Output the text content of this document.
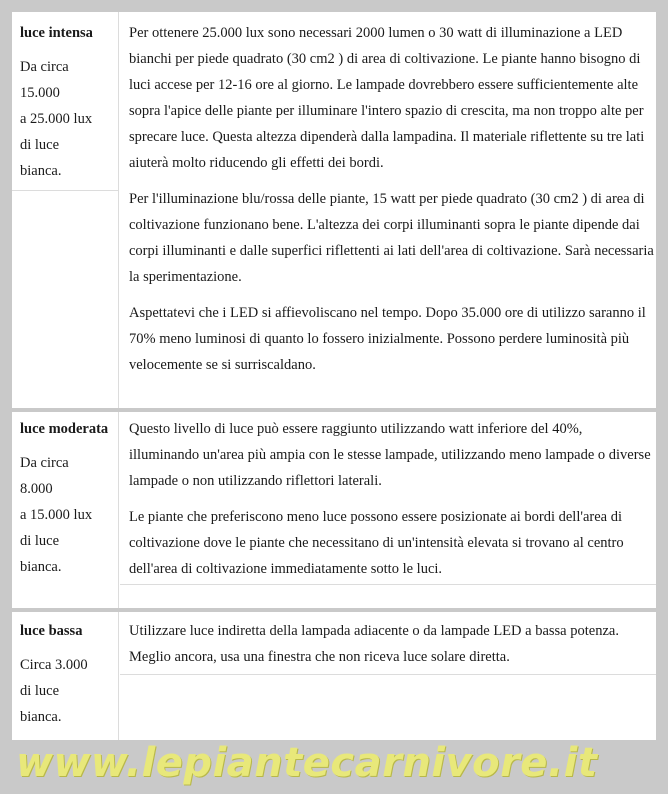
luce intensa
Da circa
15.000
a 25.000 lux
di luce
bianca.

Per ottenere 25.000 lux sono necessari 2000 lumen o 30 watt di illuminazione a LED bianchi per piede quadrato (30 cm2 ) di area di coltivazione. Le piante hanno bisogno di luci accese per 12-16 ore al giorno. Le lampade dovrebbero essere sufficientemente alte sopra l'apice delle piante per illuminare l'intero spazio di crescita, ma non troppo alte per sprecare luce. Questa altezza dipenderà dalla lampadina. Il materiale riflettente su tre lati aiuterà molto riducendo gli effetti dei bordi.

Per l'illuminazione blu/rossa delle piante, 15 watt per piede quadrato (30 cm2 ) di area di coltivazione funzionano bene. L'altezza dei corpi illuminanti sopra le piante dipende dai corpi illuminanti e dalle superfici riflettenti ai lati dell'area di coltivazione. Sarà necessaria la sperimentazione.

Aspettatevi che i LED si affievoliscano nel tempo. Dopo 35.000 ore di utilizzo saranno il 70% meno luminosi di quanto lo fossero inizialmente. Possono perdere luminosità più velocemente se si surriscaldano.

luce moderata
Da circa
8.000
a 15.000 lux
di luce
bianca.

Questo livello di luce può essere raggiunto utilizzando watt inferiore del 40%, illuminando un'area più ampia con le stesse lampade, utilizzando meno lampade o diverse lampade o non utilizzando riflettori laterali.

Le piante che preferiscono meno luce possono essere posizionate ai bordi dell'area di coltivazione dove le piante che necessitano di un'intensità elevata si trovano al centro dell'area di coltivazione immediatamente sotto le luci.

luce bassa
Circa 3.000
di luce
bianca.

Utilizzare luce indiretta della lampada adiacente o da lampade LED a bassa potenza. Meglio ancora, usa una finestra che non riceva luce solare diretta.

www.lepiantecarnivore.it
